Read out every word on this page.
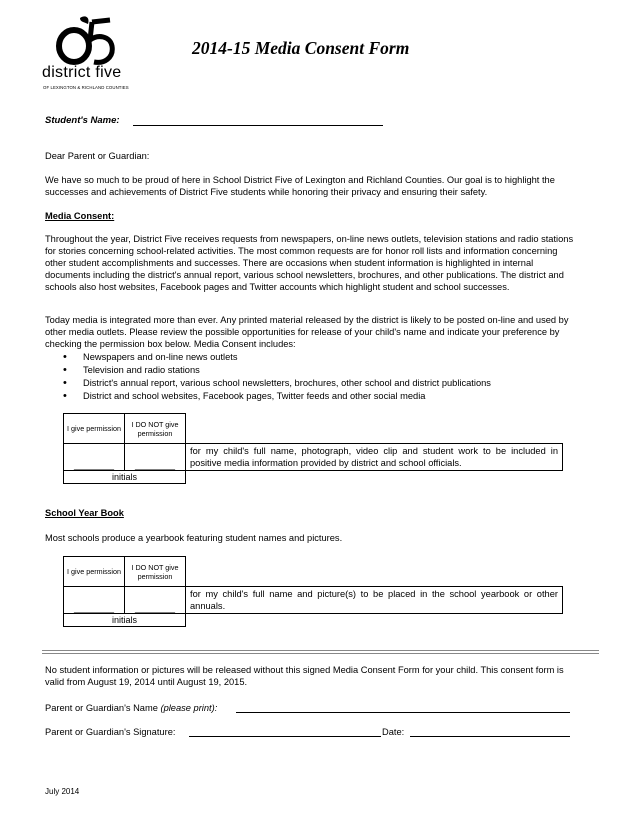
district five
OF LEXINGTON & RICHLAND COUNTIES
2014-15 Media Consent Form
Student's Name:
Dear Parent or Guardian:
We have so much to be proud of here in School District Five of Lexington and Richland Counties. Our goal is to highlight the successes and achievements of District Five students while honoring their privacy and ensuring their safety.
Media Consent:
Throughout the year, District Five receives requests from newspapers, on-line news outlets, television stations and radio stations for stories concerning school-related activities. The most common requests are for honor roll lists and information concerning other student accomplishments and successes. There are occasions when student information is highlighted in internal documents including the district's annual report, various school newsletters, brochures, and other publications. The district and schools also host websites, Facebook pages and Twitter accounts which highlight student and school successes.
Today media is integrated more than ever. Any printed material released by the district is likely to be posted on-line and used by other media outlets. Please review the possible opportunities for release of your child's name and indicate your preference by checking the permission box below. Media Consent includes:
• Newspapers and on-line news outlets
• Television and radio stations
• District's annual report, various school newsletters, brochures, other school and district publications
• District and school websites, Facebook pages, Twitter feeds and other social media
I give permission	I DO NOT give permission	
________	________	for my child's full name, photograph, video clip and student work to be included in positive media information provided by district and school officials.
initials		
School Year Book
Most schools produce a yearbook featuring student names and pictures.
I give permission	I DO NOT give permission	
________	________	for my child's full name and picture(s) to be placed in the school yearbook or other annuals.
initials		
No student information or pictures will be released without this signed Media Consent Form for your child. This consent form is valid from August 19, 2014 until August 19, 2015.
Parent or Guardian's Name (please print):
Parent or Guardian's Signature:	Date:
July 2014
